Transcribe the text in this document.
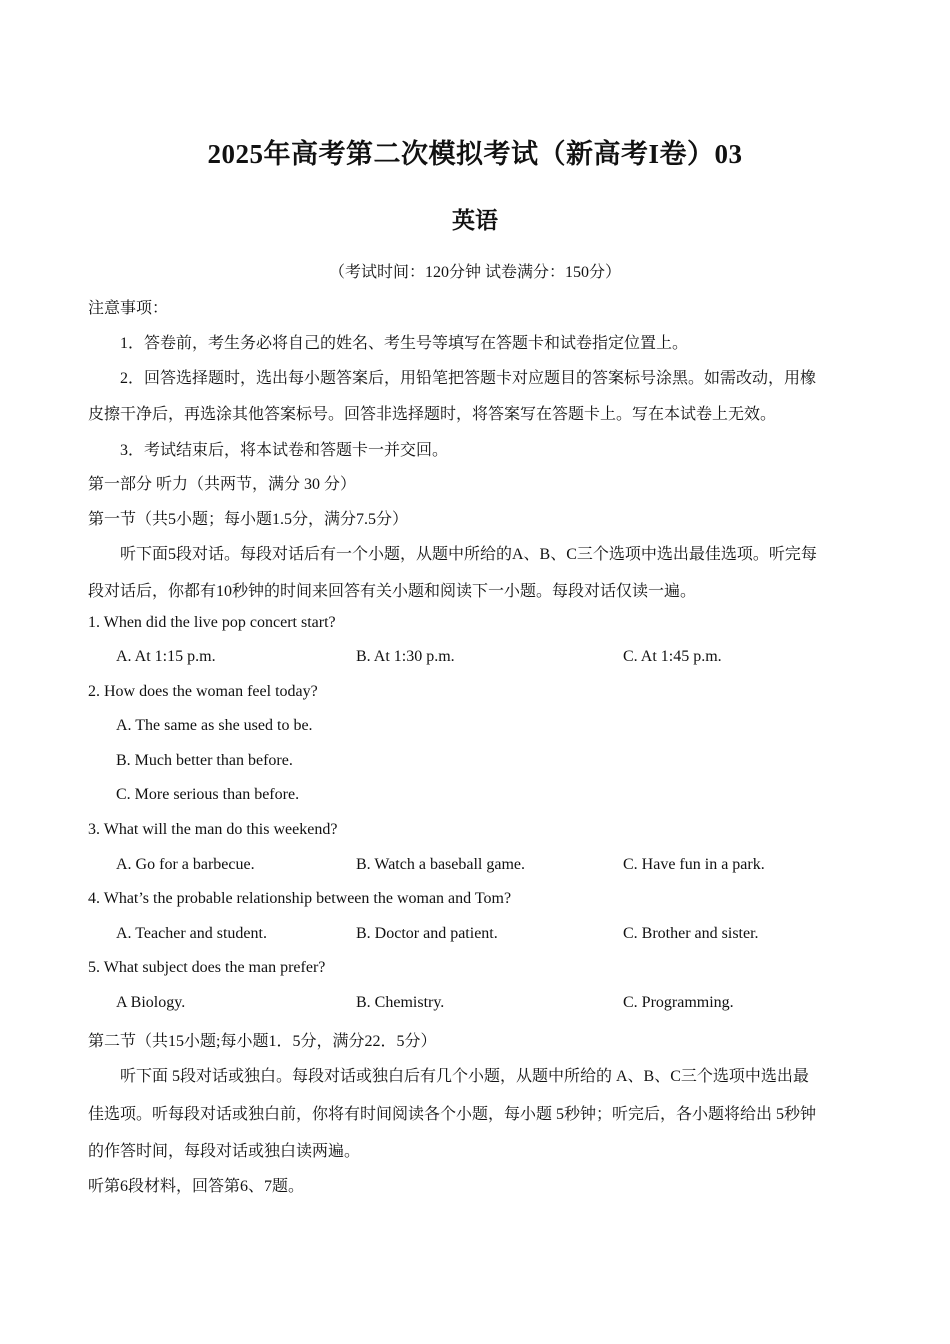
2025年高考第二次模拟考试（新高考I卷）03
英语
（考试时间：120分钟 试卷满分：150分）
注意事项：
1．答卷前，考生务必将自己的姓名、考生号等填写在答题卡和试卷指定位置上。
2．回答选择题时，选出每小题答案后，用铅笔把答题卡对应题目的答案标号涂黑。如需改动，用橡
皮擦干净后，再选涂其他答案标号。回答非选择题时，将答案写在答题卡上。写在本试卷上无效。
3．考试结束后，将本试卷和答题卡一并交回。
第一部分 听力（共两节，满分 30 分）
第一节（共5小题；每小题1.5分，满分7.5分）
听下面5段对话。每段对话后有一个小题，从题中所给的A、B、C三个选项中选出最佳选项。听完每
段对话后，你都有10秒钟的时间来回答有关小题和阅读下一小题。每段对话仅读一遍。
1. When did the live pop concert start?
A. At 1:15 p.m.	B. At 1:30 p.m.	C. At 1:45 p.m.
2. How does the woman feel today?
A. The same as she used to be.
B. Much better than before.
C. More serious than before.
3. What will the man do this weekend?
A. Go for a barbecue.	B. Watch a baseball game.	C. Have fun in a park.
4. What’s the probable relationship between the woman and Tom?
A. Teacher and student.	B. Doctor and patient.	C. Brother and sister.
5. What subject does the man prefer?
A Biology.	B. Chemistry.	C. Programming.
第二节（共15小题;每小题1．5分，满分22．5分）
听下面 5段对话或独白。每段对话或独白后有几个小题，从题中所给的 A、B、C三个选项中选出最
佳选项。听每段对话或独白前，你将有时间阅读各个小题，每小题 5秒钟；听完后，各小题将给出 5秒钟
的作答时间，每段对话或独白读两遍。
听第6段材料，回答第6、7题。
